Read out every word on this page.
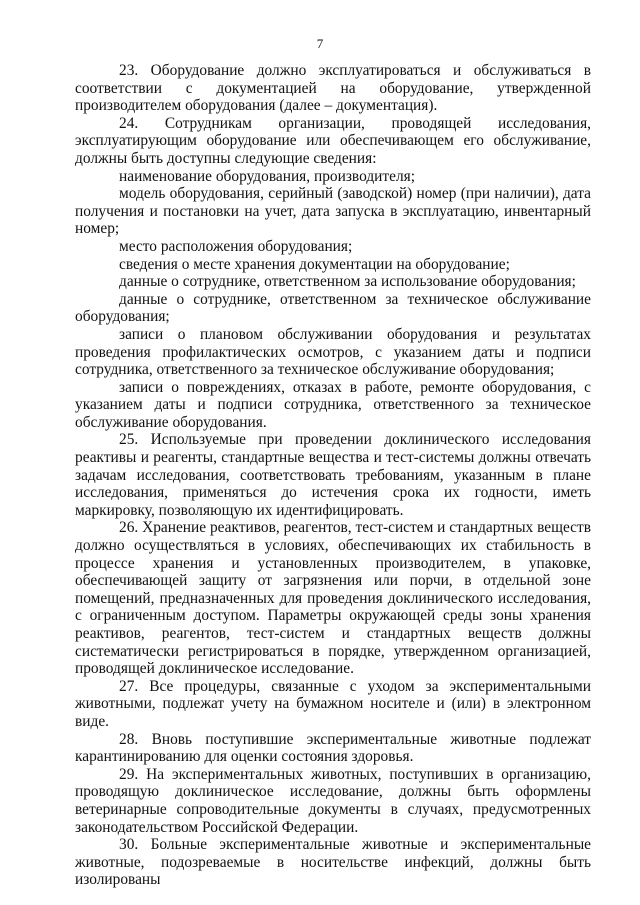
7

23. Оборудование должно эксплуатироваться и обслуживаться в соответствии с документацией на оборудование, утвержденной производителем оборудования (далее – документация).

24. Сотрудникам организации, проводящей исследования, эксплуатирующим оборудование или обеспечивающем его обслуживание, должны быть доступны следующие сведения:

наименование оборудования, производителя;

модель оборудования, серийный (заводской) номер (при наличии), дата получения и постановки на учет, дата запуска в эксплуатацию, инвентарный номер;

место расположения оборудования;

сведения о месте хранения документации на оборудование;

данные о сотруднике, ответственном за использование оборудования;

данные о сотруднике, ответственном за техническое обслуживание оборудования;

записи о плановом обслуживании оборудования и результатах проведения профилактических осмотров, с указанием даты и подписи сотрудника, ответственного за техническое обслуживание оборудования;

записи о повреждениях, отказах в работе, ремонте оборудования, с указанием даты и подписи сотрудника, ответственного за техническое обслуживание оборудования.

25. Используемые при проведении доклинического исследования реактивы и реагенты, стандартные вещества и тест-системы должны отвечать задачам исследования, соответствовать требованиям, указанным в плане исследования, применяться до истечения срока их годности, иметь маркировку, позволяющую их идентифицировать.

26. Хранение реактивов, реагентов, тест-систем и стандартных веществ должно осуществляться в условиях, обеспечивающих их стабильность в процессе хранения и установленных производителем, в упаковке, обеспечивающей защиту от загрязнения или порчи, в отдельной зоне помещений, предназначенных для проведения доклинического исследования, с ограниченным доступом. Параметры окружающей среды зоны хранения реактивов, реагентов, тест-систем и стандартных веществ должны систематически регистрироваться в порядке, утвержденном организацией, проводящей доклиническое исследование.

27. Все процедуры, связанные с уходом за экспериментальными животными, подлежат учету на бумажном носителе и (или) в электронном виде.

28. Вновь поступившие экспериментальные животные подлежат карантинированию для оценки состояния здоровья.

29. На экспериментальных животных, поступивших в организацию, проводящую доклиническое исследование, должны быть оформлены ветеринарные сопроводительные документы в случаях, предусмотренных законодательством Российской Федерации.

30. Больные экспериментальные животные и экспериментальные животные, подозреваемые в носительстве инфекций, должны быть изолированы
